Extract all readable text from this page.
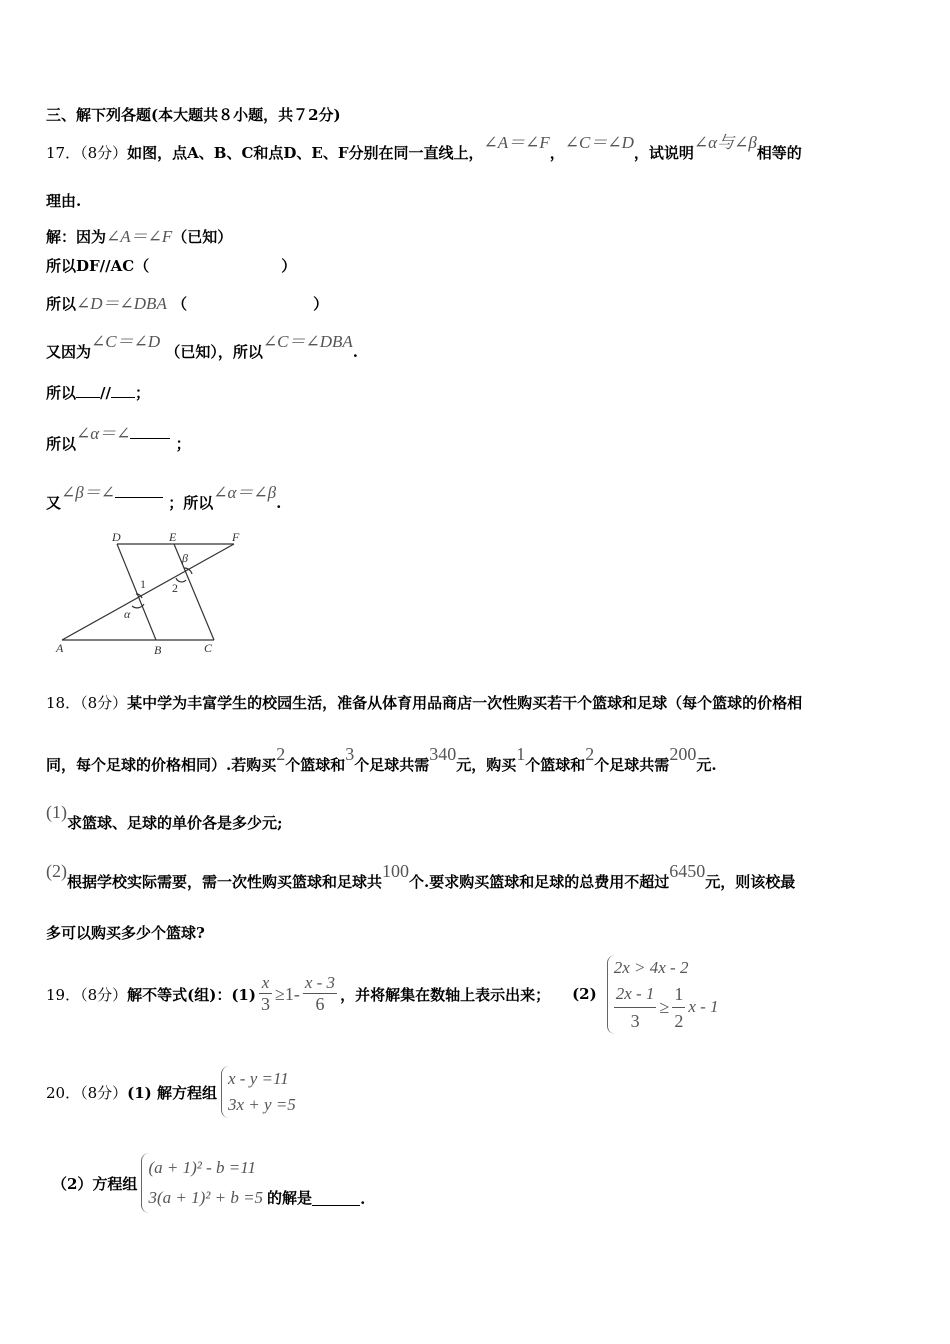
三、解下列各题(本大题共８小题，共７2分)
17．（8分）如图，点A、B、C和点D、E、F分别在同一直线上，∠A＝∠F，∠C＝∠D，试说明∠α与∠β相等的
理由.
解：因为∠A＝∠F（已知）
所以DF//AC（	）
所以∠D＝∠DBA （	）
又因为∠C＝∠D （已知），所以∠C＝∠DBA.
所以 // ；
所以∠α＝∠ ；
又∠β＝∠ ；所以∠α＝∠β.
D	E	F
A	B	C
1 2
α
β
18．（8分）某中学为丰富学生的校园生活，准备从体育用品商店一次性购买若干个篮球和足球（每个篮球的价格相
同，每个足球的价格相同）.若购买2个篮球和3个足球共需340元，购买1个篮球和2个足球共需200元.
(1)求篮球、足球的单价各是多少元;
(2)根据学校实际需要，需一次性购买篮球和足球共100个.要求购买篮球和足球的总费用不超过6450元，则该校最
多可以购买多少个篮球?
19．（8分） 解不等式(组)：$(1) \frac{x}{3} \ge 1- \frac{x - 3}{6}$ ，并将解集在数轴上表示出来； (2)
2x > 4x - 2
$\frac{2x - 1}{3} \ge \frac{1}{2}$ x - 1
20．（8分） (1) 解方程组
x - y =11
3x + y =5
（2）方程组
(a + 1)² - b =11
3(a + 1)² + b =5 的解是	.
